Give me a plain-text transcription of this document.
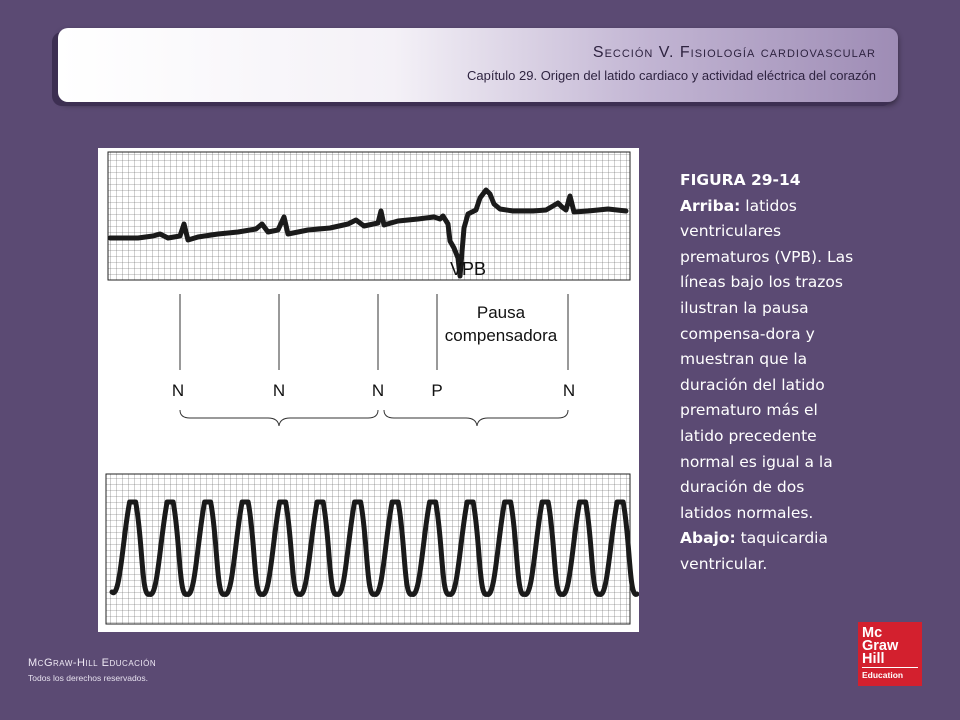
Sección V. Fisiología cardiovascular

Capítulo 29. Origen del latido cardiaco y actividad eléctrica del corazón

VPB
Pausa
compensadora
N	N	N	P	N

FIGURA 29-14

Arriba: latidos ventriculares prematuros (VPB). Las líneas bajo los trazos ilustran la pausa compensa-dora y muestran que la duración del latido prematuro más el latido precedente normal es igual a la duración de dos latidos normales.

Abajo: taquicardia ventricular.

McGraw-Hill Educación
Todos los derechos reservados.
Mc
Graw
Hill
Education
